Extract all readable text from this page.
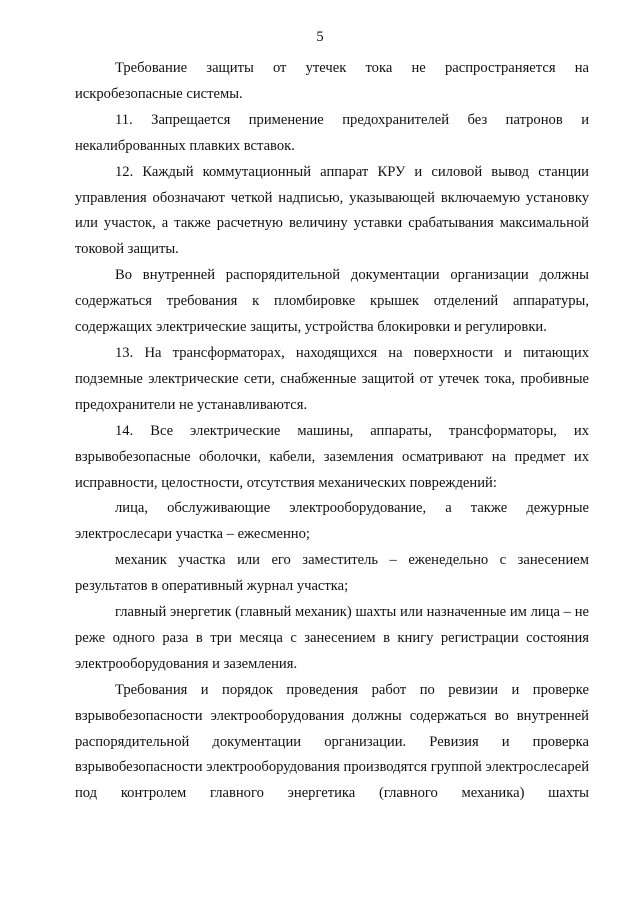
5

Требование защиты от утечек тока не распространяется на искробезопасные системы.

11. Запрещается применение предохранителей без патронов и некалиброванных плавких вставок.

12. Каждый коммутационный аппарат КРУ и силовой вывод станции управления обозначают четкой надписью, указывающей включаемую установку или участок, а также расчетную величину уставки срабатывания максимальной токовой защиты.

Во внутренней распорядительной документации организации должны содержаться требования к пломбировке крышек отделений аппаратуры, содержащих электрические защиты, устройства блокировки и регулировки.

13. На трансформаторах, находящихся на поверхности и питающих подземные электрические сети, снабженные защитой от утечек тока, пробивные предохранители не устанавливаются.

14. Все электрические машины, аппараты, трансформаторы, их взрывобезопасные оболочки, кабели, заземления осматривают на предмет их исправности, целостности, отсутствия механических повреждений:

лица, обслуживающие электрооборудование, а также дежурные электрослесари участка – ежесменно;

механик участка или его заместитель – еженедельно с занесением результатов в оперативный журнал участка;

главный энергетик (главный механик) шахты или назначенные им лица – не реже одного раза в три месяца с занесением в книгу регистрации состояния электрооборудования и заземления.

Требования и порядок проведения работ по ревизии и проверке взрывобезопасности электрооборудования должны содержаться во внутренней распорядительной документации организации. Ревизия и проверка взрывобезопасности электрооборудования производятся группой электрослесарей под контролем главного энергетика (главного механика) шахты
